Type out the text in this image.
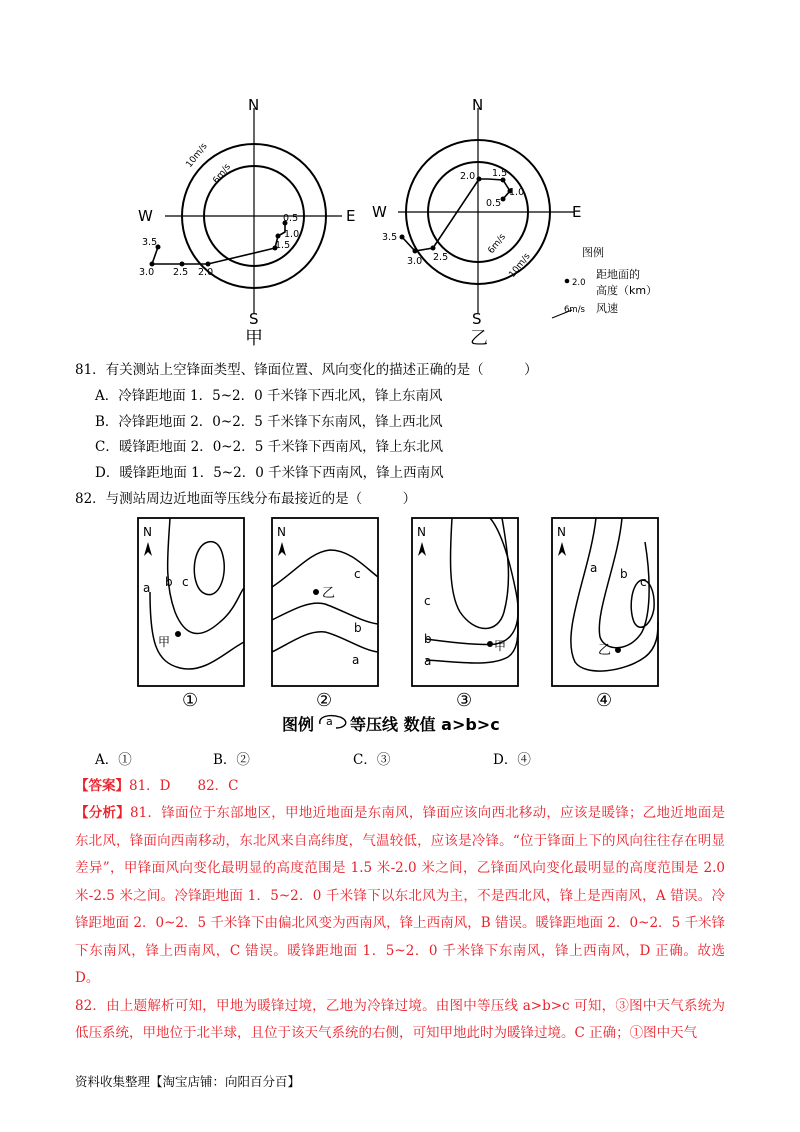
N
S
W	E
10m/s
6m/s
0.5
1.0
1.5
2.0
2.5
3.0
3.5
甲
N
S
W	E
6m/s
10m/s
0.5
1.0
1.5
2.0
2.5
3.0
3.5
乙
图例
2.0
距地面的
高度（km）
6m/s 风速
81．有关测站上空锋面类型、锋面位置、风向变化的描述正确的是（　　　）
A．冷锋距地面 1．5~2．0 千米锋下西北风，锋上东南风
B．冷锋距地面 2．0~2．5 千米锋下东南风，锋上西北风
C．暖锋距地面 2．0~2．5 千米锋下西南风，锋上东北风
D．暖锋距地面 1．5~2．0 千米锋下西南风，锋上西南风
82．与测站周边近地面等压线分布最接近的是（　　　）
N	N	N	N
a b c
甲
c
b
a
乙	c
b
a
甲
a b
c
乙
①	②	③	④
图例 a 等压线 数值 a>b>c
A．①	B．②	C．③	D．④
【答案】81．D　　82．C

【分析】81．锋面位于东部地区，甲地近地面是东南风，锋面应该向西北移动，应该是暖锋；乙地近地面是东北风，锋面向西南移动，东北风来自高纬度，气温较低，应该是冷锋。“位于锋面上下的风向往往存在明显差异”，甲锋面风向变化最明显的高度范围是 1.5 米-2.0 米之间，乙锋面风向变化最明显的高度范围是 2.0 米-2.5 米之间。冷锋距地面 1．5~2．0 千米锋下以东北风为主，不是西北风，锋上是西南风，A 错误。冷锋距地面 2．0~2．5 千米锋下由偏北风变为西南风，锋上西南风，B 错误。暖锋距地面 2．0~2．5 千米锋下东南风，锋上西南风，C 错误。暖锋距地面 1．5~2．0 千米锋下东南风，锋上西南风，D 正确。故选 D。

82．由上题解析可知，甲地为暖锋过境，乙地为冷锋过境。由图中等压线 a>b>c 可知，③图中天气系统为低压系统，甲地位于北半球，且位于该天气系统的右侧，可知甲地此时为暖锋过境。C 正确；①图中天气

资料收集整理【淘宝店铺：向阳百分百】
